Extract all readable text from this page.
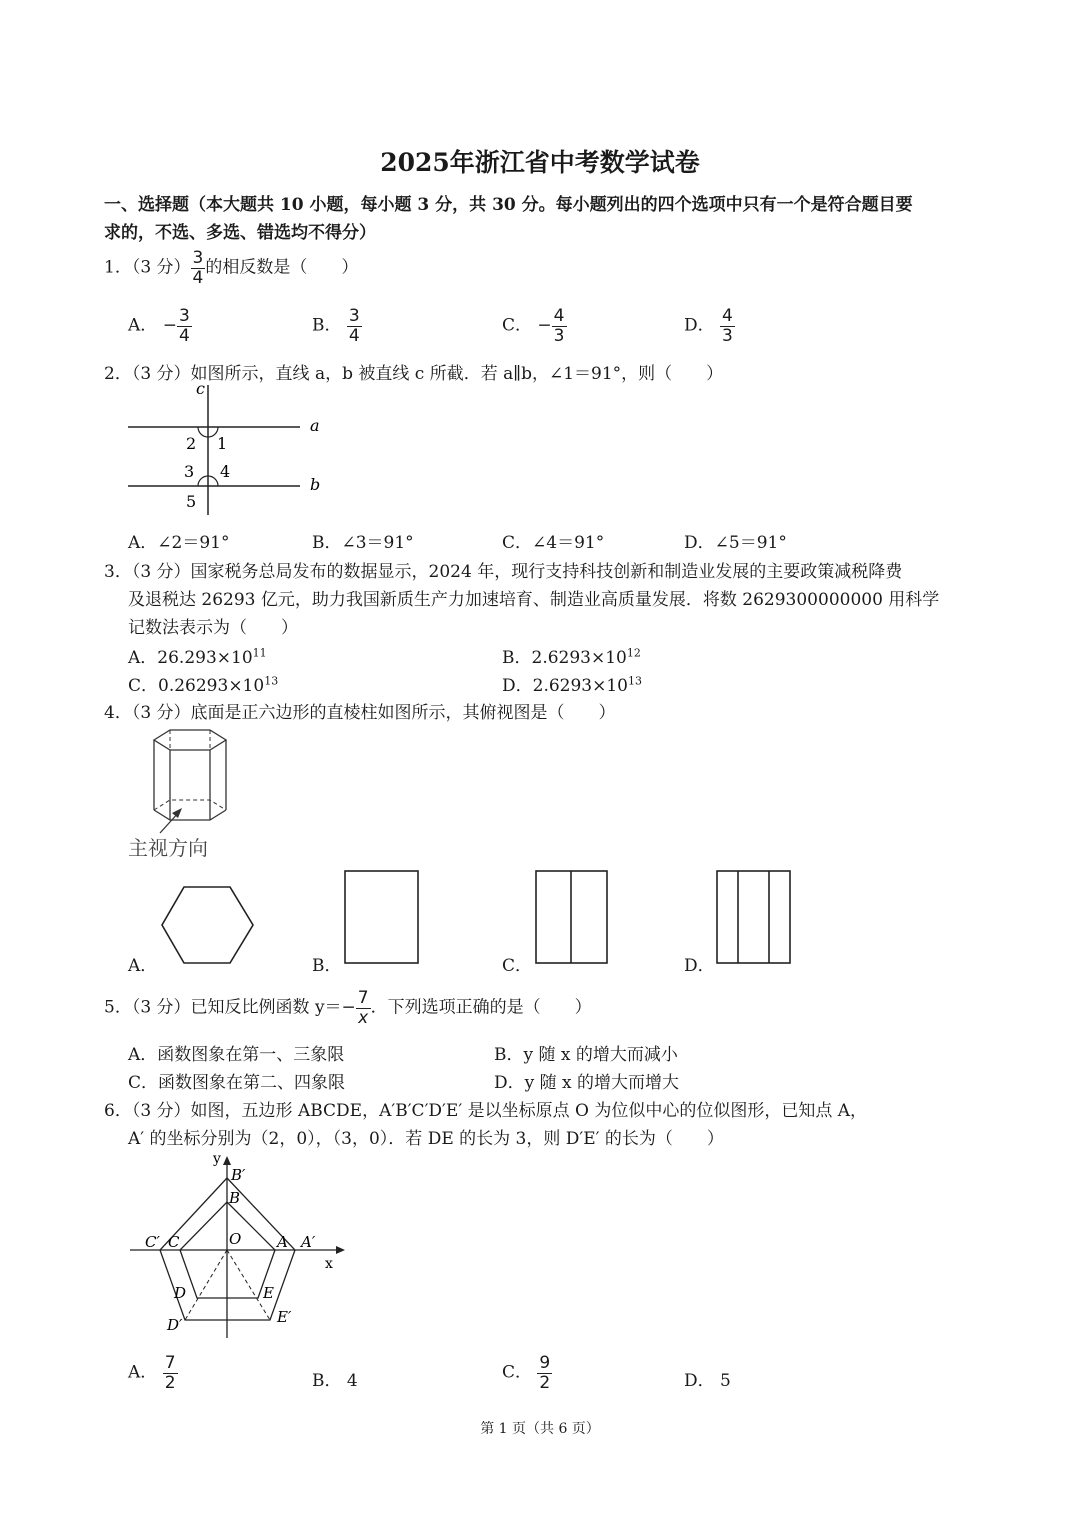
2025年浙江省中考数学试卷
一、选择题（本大题共 10 小题，每小题 3 分，共 30 分。每小题列出的四个选项中只有一个是符合题目要
求的，不选、多选、错选均不得分）
1．（3 分） $\frac{3}{4}$ 的相反数是（　　）
A． − $\frac{3}{4}$	B． $\frac{3}{4}$	C． − $\frac{4}{3}$	D． $\frac{4}{3}$
2．（3 分）如图所示，直线 a，b 被直线 c 所截．若 a∥b，∠1＝91°，则（　　）
c
a
b
1
2
3 4
5
A．∠2＝91°	B．∠3＝91°	C．∠4＝91°	D．∠5＝91°
3．（3 分）国家税务总局发布的数据显示，2024 年，现行支持科技创新和制造业发展的主要政策减税降费
及退税达 26293 亿元，助力我国新质生产力加速培育、制造业高质量发展．将数 2629300000000 用科学
记数法表示为（　　）
A．$26.293\times 10^{11}$	B．$2.6293\times 10^{12}$
C．$0.26293\times 10^{13}$	D．$2.6293\times 10^{13}$
4．（3 分）底面是正六边形的直棱柱如图所示，其俯视图是（　　）
主视方向
A．	B．	C．	D．
5．（3 分）已知反比例函数 $y=- \frac{7}{x}$ ．下列选项正确的是（　　）
A．函数图象在第一、三象限	B．y 随 x 的增大而减小
C．函数图象在第二、四象限	D．y 随 x 的增大而增大
6．（3 分）如图，五边形 ABCDE，A′B′C′D′E′ 是以坐标原点 O 为位似中心的位似图形，已知点 A，
A′ 的坐标分别为（2，0），（3，0）．若 DE 的长为 3，则 D′E′ 的长为（　　）
y
x
O A A′
B
B′
C
C′
D
D′
E
E′
A． $\frac{7}{2}$	B． 4	C． $\frac{9}{2}$	D． 5
第 1 页（共 6 页）
